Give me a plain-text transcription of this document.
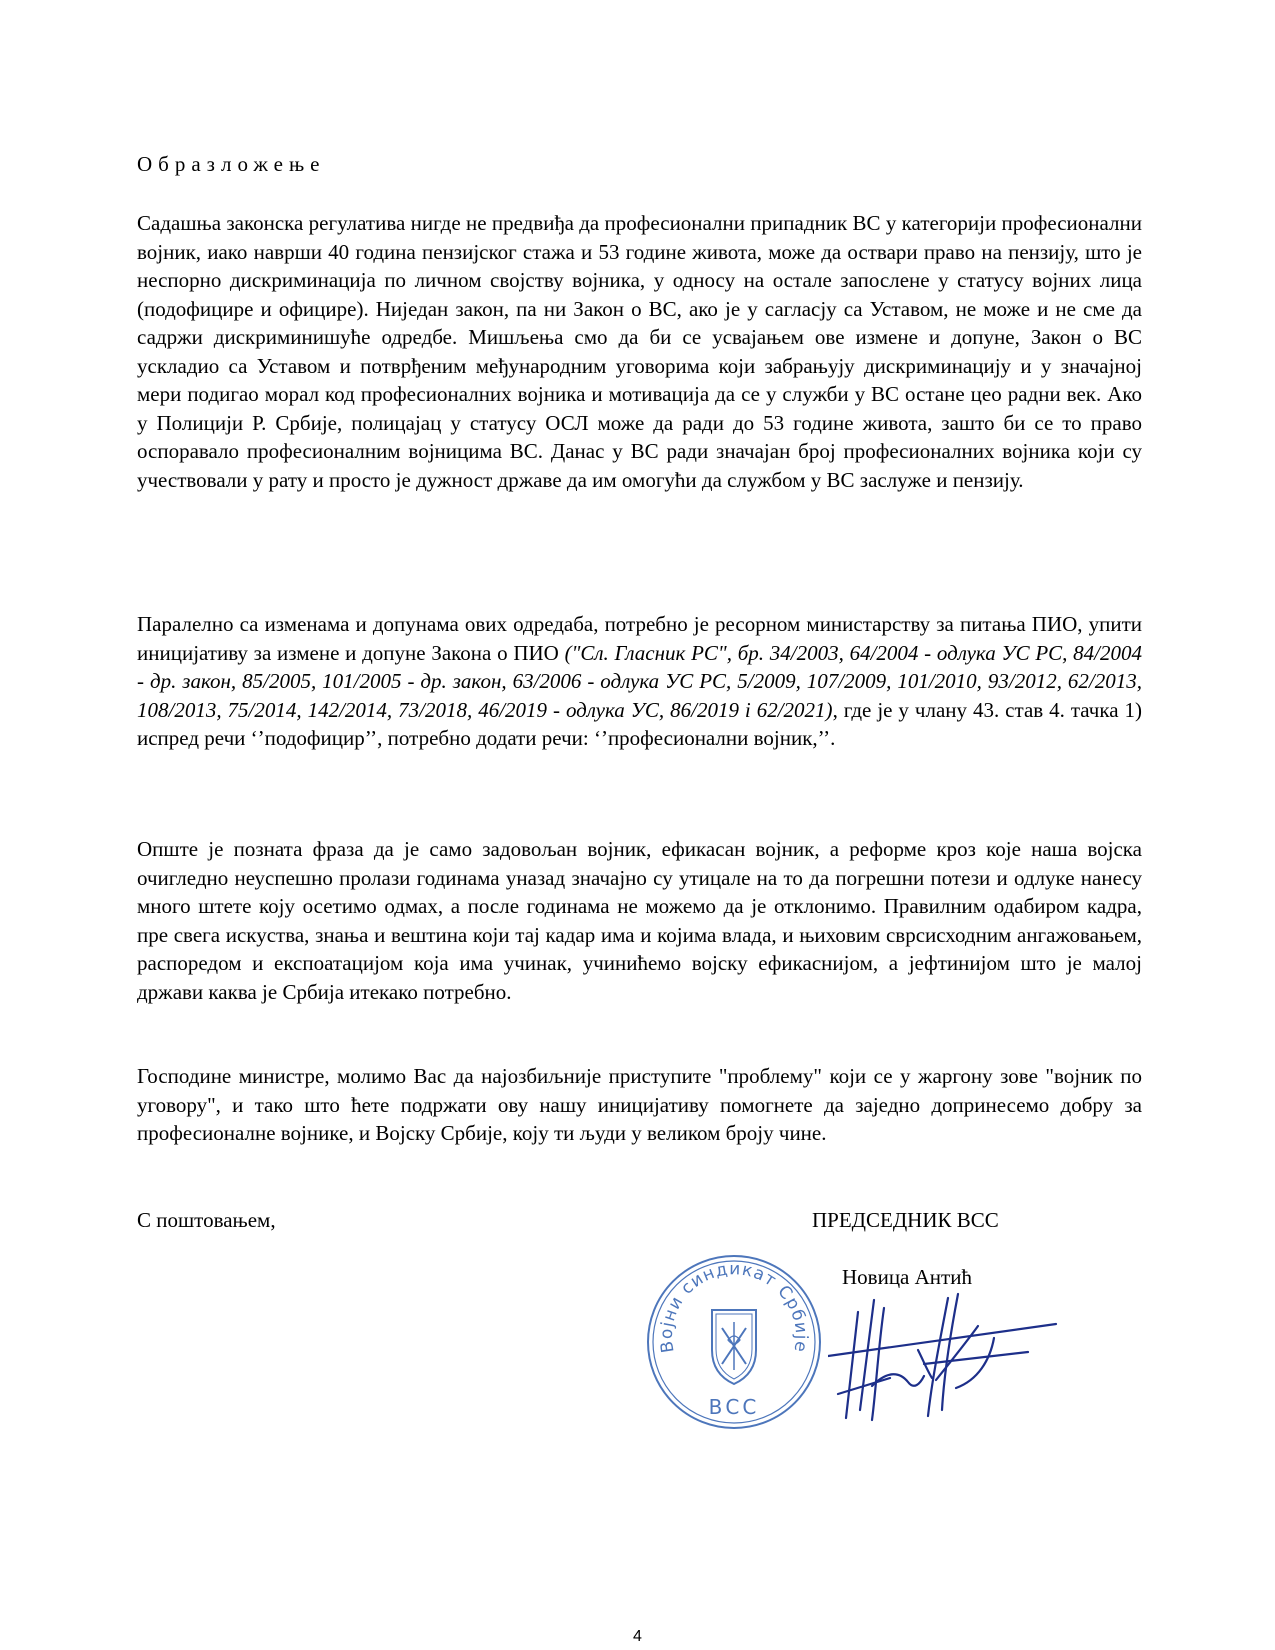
Образложење

Садашња законска регулатива нигде не предвиђа да професионални припадник ВС у категорији професионални војник, иако наврши 40 година пензијског стажа и 53 године живота, може да оствари право на пензију, што је неспорно дискриминација по личном својству војника, у односу на остале запослене у статусу војних лица (подофицире и официре). Ниједан закон, па ни Закон о ВС, ако је у сагласју са Уставом, не може и не сме да садржи дискриминишуће одредбе. Мишљења смо да би се усвајањем ове измене и допуне, Закон о ВС ускладио са Уставом и потврђеним међународним уговорима који забрањују дискриминацију и у значајној мери подигао морал код професионалних војника и мотивација да се у служби у ВС остане цео радни век. Ако у Полицији Р. Србије, полицајац у статусу ОСЛ може да ради до 53 године живота, зашто би се то право оспоравало професионалним војницима ВС. Данас у ВС ради значајан број професионалних војника који су учествовали у рату и просто је дужност државе да им омогући да службом у ВС заслуже и пензију.

Паралелно са изменама и допунама ових одредаба, потребно је ресорном министарству за питања ПИО, упити иницијативу за измене и допуне Закона о ПИО ("Сл. Гласник РС", бр. 34/2003, 64/2004 - одлука УС РС, 84/2004 - др. закон, 85/2005, 101/2005 - др. закон, 63/2006 - одлука УС РС, 5/2009, 107/2009, 101/2010, 93/2012, 62/2013, 108/2013, 75/2014, 142/2014, 73/2018, 46/2019 - одлука УС, 86/2019 і 62/2021), где је у члану 43. став 4. тачка 1) испред речи ‘’подофицир’’, потребно додати речи: ‘’професионални војник,’’.

Опште је позната фраза да је само задовољан војник, ефикасан војник, а реформе кроз које наша војска очигледно неуспешно пролази годинама уназад значајно су утицале на то да погрешни потези и одлуке нанесу много штете коју осетимо одмах, а после годинама не можемо да је отклонимо. Правилним одабиром кадра, пре свега искуства, знања и вештина који тај кадар има и којима влада, и њиховим сврсисходним ангажовањем, распоредом и експоатацијом која има учинак, учинићемо војску ефикаснијом, а јефтинијом што је малој држави каква је Србија итекако потребно.

Господине министре, молимо Вас да најозбиљније приступите "проблему" који се у жаргону зове "војник по уговору", и тако што ћете подржати ову нашу иницијативу помогнете да заједно допринесемо добру за професионалне војнике, и Војску Србије, коју ти људи у великом броју чине.

С поштовањем,	ПРЕДСЕДНИК ВСС
Новица Антић
Војни синдикат Србије
ВСС
4
